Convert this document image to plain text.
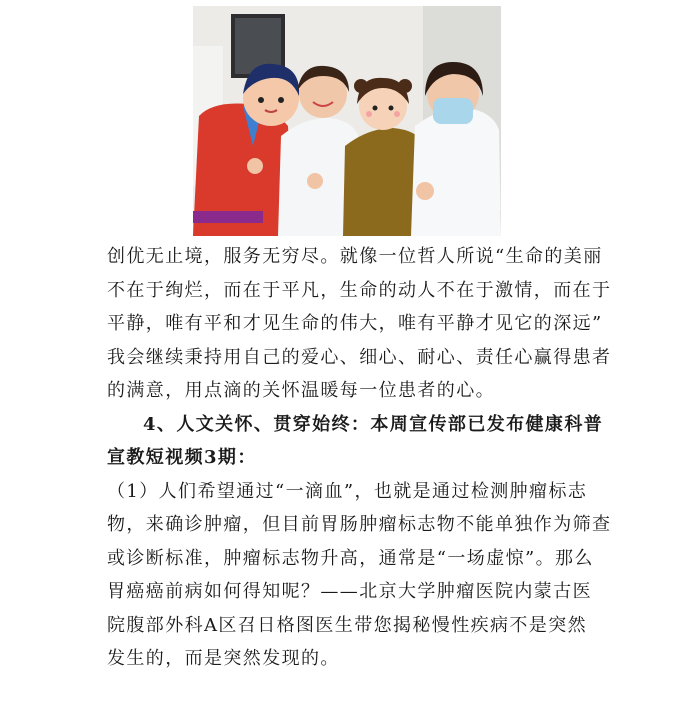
创优无止境，服务无穷尽。就像一位哲人所说“生命的美丽
不在于绚烂，而在于平凡，生命的动人不在于激情，而在于
平静，唯有平和才见生命的伟大，唯有平静才见它的深远”
我会继续秉持用自己的爱心、细心、耐心、责任心赢得患者
的满意，用点滴的关怀温暖每一位患者的心。

4、人文关怀、贯穿始终：本周宣传部已发布健康科普
宣教短视频3期：

（1）人们希望通过“一滴血”，也就是通过检测肿瘤标志
物，来确诊肿瘤，但目前胃肠肿瘤标志物不能单独作为筛查
或诊断标准，肿瘤标志物升高，通常是“一场虚惊”。那么
胃癌癌前病如何得知呢？——北京大学肿瘤医院内蒙古医
院腹部外科A区召日格图医生带您揭秘慢性疾病不是突然
发生的，而是突然发现的。
